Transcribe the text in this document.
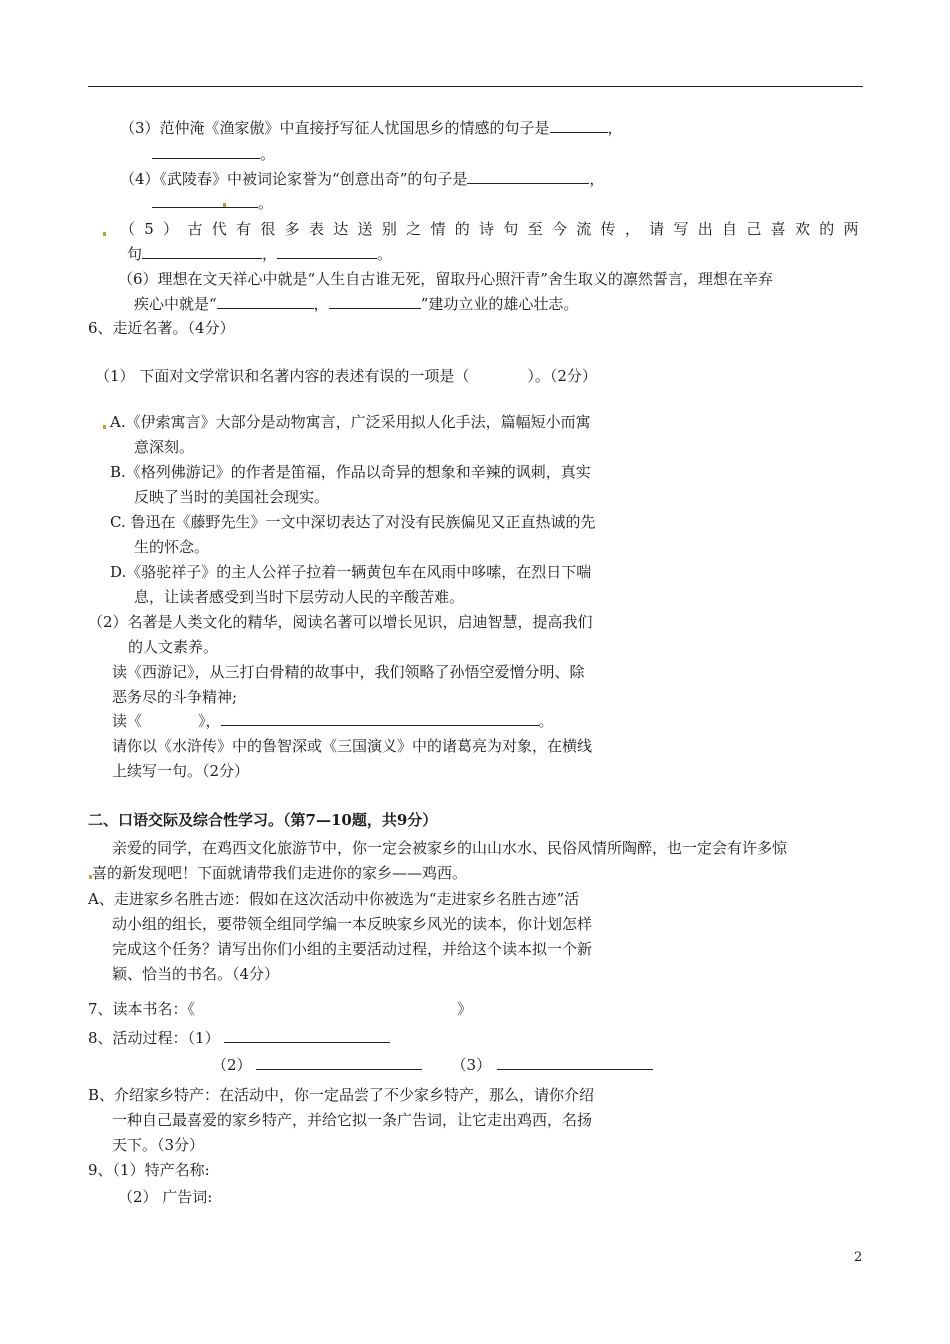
（3）范仲淹《渔家傲》中直接抒写征人忧国思乡的情感的句子是	，
。
（4）《武陵春》中被词论家誉为“创意出奇”的句子是	，
。
（5）古代有很多表达送别之情的诗句至今流传，请写出自己喜欢的两
句	，	。
（6）理想在文天祥心中就是“人生自古谁无死，留取丹心照汗青”舍生取义的凛然誓言，理想在辛弃
疾心中就是“	，	”建功立业的雄心壮志。
6、走近名著。（4分）
（1） 下面对文学常识和名著内容的表述有误的一项是（	）。（2分）
A.《伊索寓言》大部分是动物寓言，广泛采用拟人化手法，篇幅短小而寓
意深刻。
B.《格列佛游记》的作者是笛福，作品以奇异的想象和辛辣的讽刺，真实
反映了当时的美国社会现实。
C. 鲁迅在《藤野先生》一文中深切表达了对没有民族偏见又正直热诚的先
生的怀念。
D.《骆驼祥子》的主人公祥子拉着一辆黄包车在风雨中哆嗦，在烈日下喘
息，让读者感受到当时下层劳动人民的辛酸苦难。
（2）名著是人类文化的精华，阅读名著可以增长见识，启迪智慧，提高我们
的人文素养。
读《西游记》，从三打白骨精的故事中，我们领略了孙悟空爱憎分明、除
恶务尽的斗争精神;
读《	》，	。
请你以《水浒传》中的鲁智深或《三国演义》中的诸葛亮为对象，在横线
上续写一句。（2分）
二、口语交际及综合性学习。（第7—10题，共9分）
亲爱的同学，在鸡西文化旅游节中，你一定会被家乡的山山水水、民俗风情所陶醉，也一定会有许多惊
喜的新发现吧！下面就请带我们走进你的家乡——鸡西。
A、走进家乡名胜古迹：假如在这次活动中你被选为“走进家乡名胜古迹”活
动小组的组长，要带领全组同学编一本反映家乡风光的读本，你计划怎样
完成这个任务？请写出你们小组的主要活动过程，并给这个读本拟一个新
颖、恰当的书名。（4分）
7、读本书名：《	》
8、活动过程：（1）
（2）	（3）
B、介绍家乡特产：在活动中，你一定品尝了不少家乡特产，那么，请你介绍
一种自己最喜爱的家乡特产，并给它拟一条广告词，让它走出鸡西，名扬
天下。（3分）
9、（1）特产名称:
（2） 广告词:
2
